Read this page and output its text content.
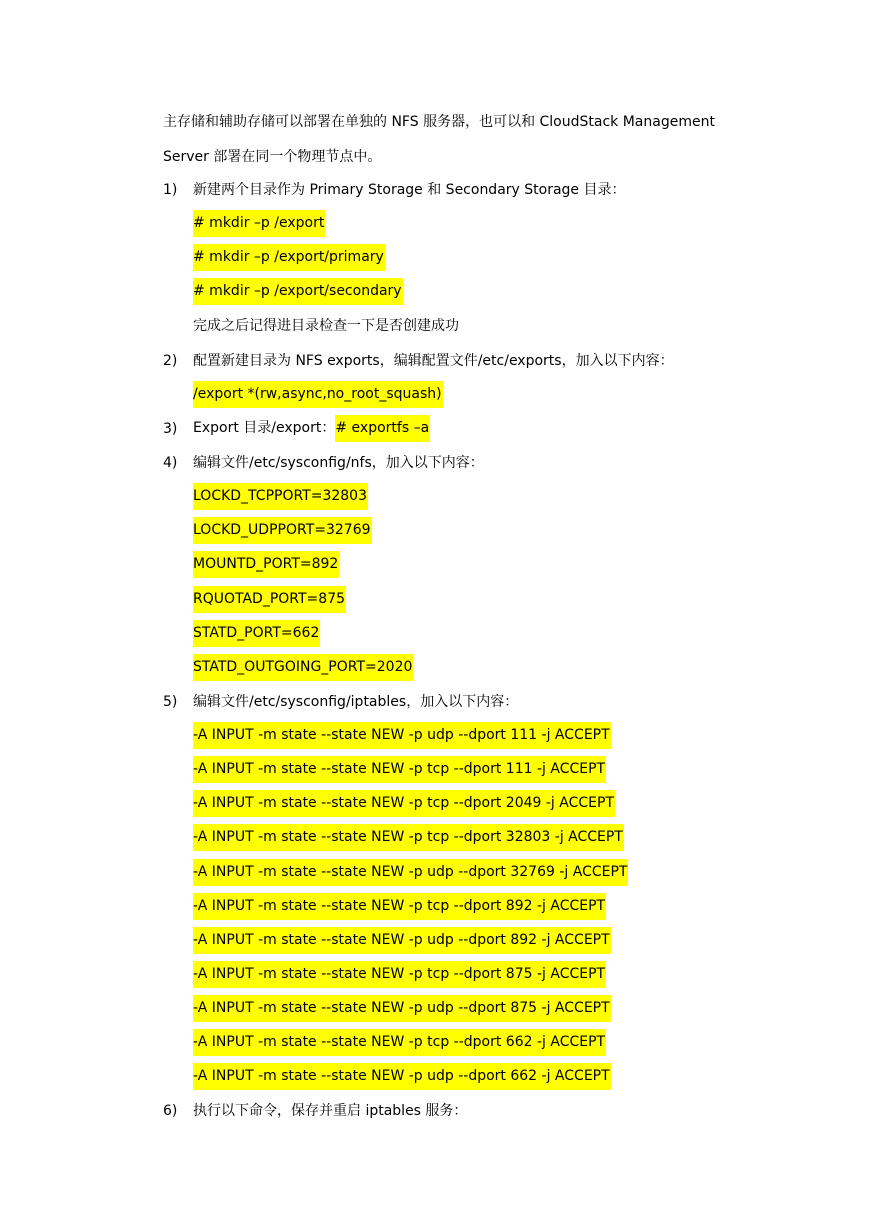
主存储和辅助存储可以部署在单独的 NFS 服务器，也可以和 CloudStack Management
Server 部署在同一个物理节点中。
1) 新建两个目录作为 Primary Storage 和 Secondary Storage 目录：
# mkdir –p /export
# mkdir –p /export/primary
# mkdir –p /export/secondary
完成之后记得进目录检查一下是否创建成功
2) 配置新建目录为 NFS exports，编辑配置文件/etc/exports，加入以下内容：
/export *(rw,async,no_root_squash)
3) Export 目录/export：# exportfs –a
4) 编辑文件/etc/sysconfig/nfs，加入以下内容：
LOCKD_TCPPORT=32803
LOCKD_UDPPORT=32769
MOUNTD_PORT=892
RQUOTAD_PORT=875
STATD_PORT=662
STATD_OUTGOING_PORT=2020
5) 编辑文件/etc/sysconfig/iptables，加入以下内容：
-A INPUT -m state --state NEW -p udp --dport 111 -j ACCEPT
-A INPUT -m state --state NEW -p tcp --dport 111 -j ACCEPT
-A INPUT -m state --state NEW -p tcp --dport 2049 -j ACCEPT
-A INPUT -m state --state NEW -p tcp --dport 32803 -j ACCEPT
-A INPUT -m state --state NEW -p udp --dport 32769 -j ACCEPT
-A INPUT -m state --state NEW -p tcp --dport 892 -j ACCEPT
-A INPUT -m state --state NEW -p udp --dport 892 -j ACCEPT
-A INPUT -m state --state NEW -p tcp --dport 875 -j ACCEPT
-A INPUT -m state --state NEW -p udp --dport 875 -j ACCEPT
-A INPUT -m state --state NEW -p tcp --dport 662 -j ACCEPT
-A INPUT -m state --state NEW -p udp --dport 662 -j ACCEPT
6) 执行以下命令，保存并重启 iptables 服务：
